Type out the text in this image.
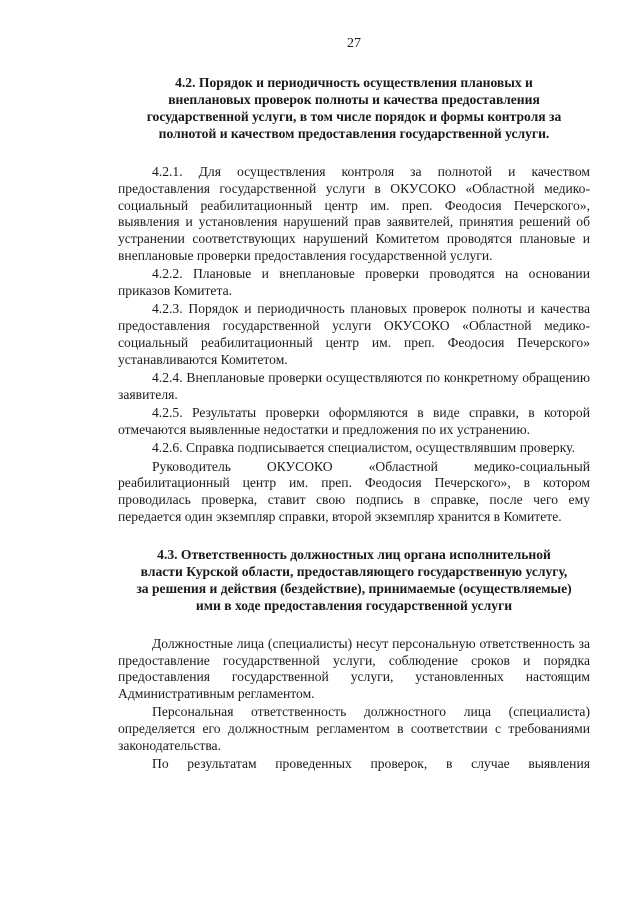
27
4.2. Порядок и периодичность осуществления плановых и
внеплановых проверок полноты и качества предоставления
государственной услуги, в том числе порядок и формы контроля за
полнотой и качеством предоставления государственной услуги.

4.2.1. Для осуществления контроля за полнотой и качеством предоставления государственной услуги в ОКУСОКО «Областной медико-социальный реабилитационный центр им. преп. Феодосия Печерского», выявления и установления нарушений прав заявителей, принятия решений об устранении соответствующих нарушений Комитетом проводятся плановые и внеплановые проверки предоставления государственной услуги.

4.2.2. Плановые и внеплановые проверки проводятся на основании приказов Комитета.

4.2.3. Порядок и периодичность плановых проверок полноты и качества предоставления государственной услуги ОКУСОКО «Областной медико-социальный реабилитационный центр им. преп. Феодосия Печерского» устанавливаются Комитетом.

4.2.4. Внеплановые проверки осуществляются по конкретному обращению заявителя.

4.2.5. Результаты проверки оформляются в виде справки, в которой отмечаются выявленные недостатки и предложения по их устранению.

4.2.6. Справка подписывается специалистом, осуществлявшим проверку.

Руководитель ОКУСОКО «Областной медико-социальный реабилитационный центр им. преп. Феодосия Печерского», в котором проводилась проверка, ставит свою подпись в справке, после чего ему передается один экземпляр справки, второй экземпляр хранится в Комитете.

4.3. Ответственность должностных лиц органа исполнительной
власти Курской области, предоставляющего государственную услугу,
за решения и действия (бездействие), принимаемые (осуществляемые)
ими в ходе предоставления государственной услуги

Должностные лица (специалисты) несут персональную ответственность за предоставление государственной услуги, соблюдение сроков и порядка предоставления государственной услуги, установленных настоящим Административным регламентом.

Персональная ответственность должностного лица (специалиста) определяется его должностным регламентом в соответствии с требованиями законодательства.

По результатам проведенных проверок, в случае выявления
